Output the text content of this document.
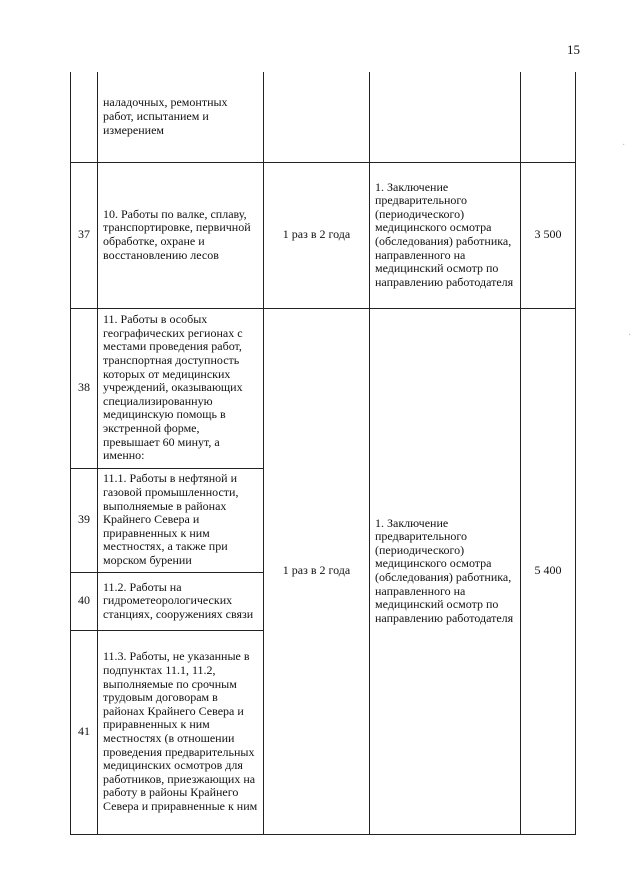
15
	наладочных, ремонтных работ, испытанием и измерением			
37	10. Работы по валке, сплаву, транспортировке, первичной обработке, охране и восстановлению лесов	1 раз в 2 года	1. Заключение предварительного (периодического) медицинского осмотра (обследования) работника, направленного на медицинский осмотр по направлению работодателя	3 500
38	11. Работы в особых географических регионах с местами проведения работ, транспортная доступность которых от медицинских учреждений, оказывающих специализированную медицинскую помощь в экстренной форме, превышает 60 минут, а именно:	1 раз в 2 года	1. Заключение предварительного (периодического) медицинского осмотра (обследования) работника, направленного на медицинский осмотр по направлению работодателя	5 400
39	11.1. Работы в нефтяной и газовой промышленности, выполняемые в районах Крайнего Севера и приравненных к ним местностях, а также при морском бурении			
40	11.2. Работы на гидрометеорологических станциях, сооружениях связи			
41	11.3. Работы, не указанные в подпунктах 11.1, 11.2, выполняемые по срочным трудовым договорам в районах Крайнего Севера и приравненных к ним местностях (в отношении проведения предварительных медицинских осмотров для работников, приезжающих на работу в районы Крайнего Севера и приравненные к ним			
·
·
